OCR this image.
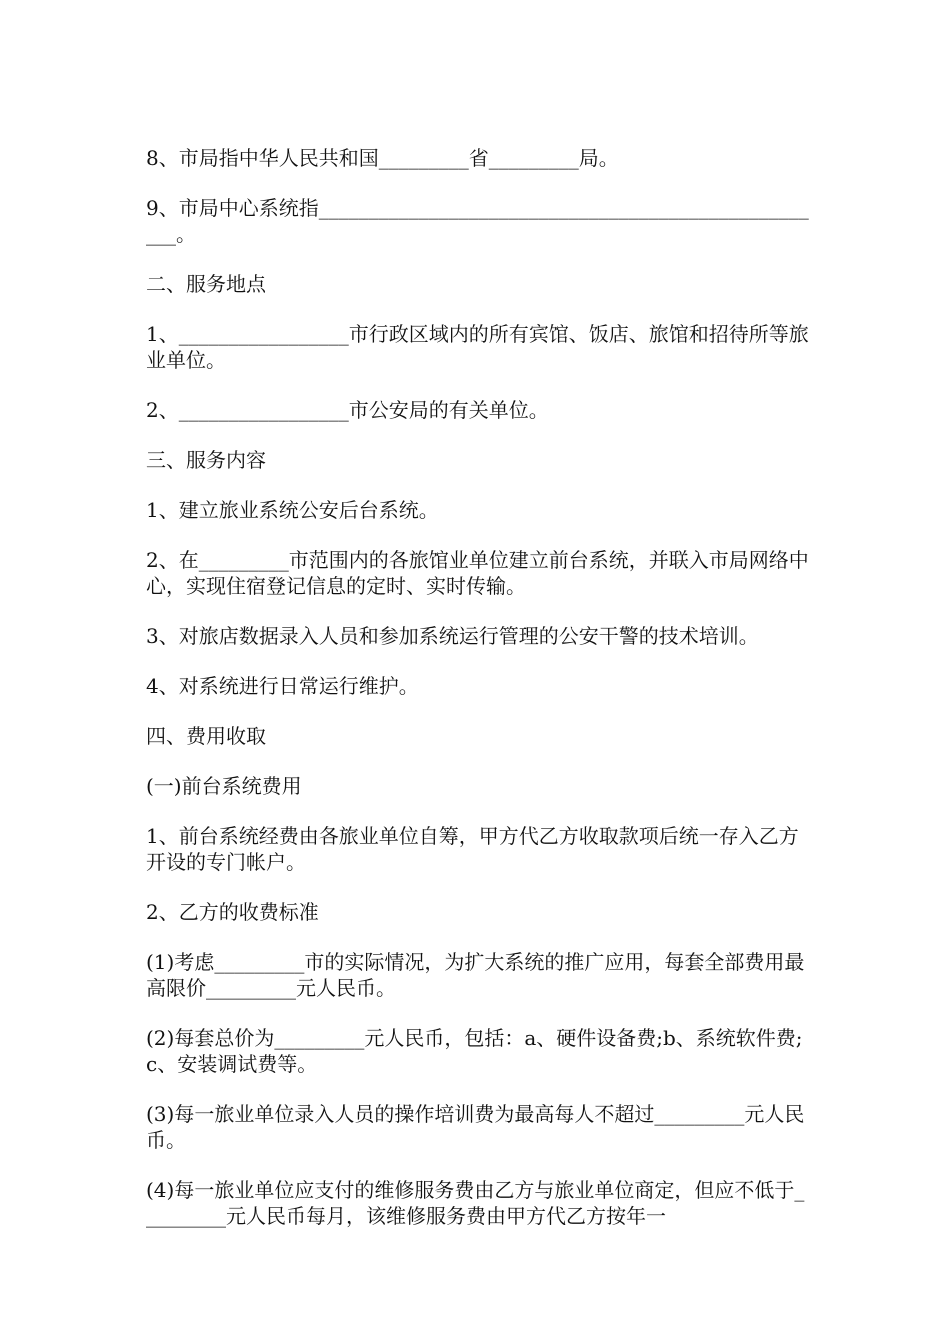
8、市局指中华人民共和国_________省_________局。

9、市局中心系统指____________________________________________________。

二、服务地点

1、_________________市行政区域内的所有宾馆、饭店、旅馆和招待所等旅业单位。

2、_________________市公安局的有关单位。

三、服务内容

1、建立旅业系统公安后台系统。

2、在_________市范围内的各旅馆业单位建立前台系统，并联入市局网络中心，实现住宿登记信息的定时、实时传输。

3、对旅店数据录入人员和参加系统运行管理的公安干警的技术培训。

4、对系统进行日常运行维护。

四、费用收取

(一)前台系统费用

1、前台系统经费由各旅业单位自筹，甲方代乙方收取款项后统一存入乙方开设的专门帐户。

2、乙方的收费标准

(1)考虑_________市的实际情况，为扩大系统的推广应用，每套全部费用最高限价_________元人民币。

(2)每套总价为_________元人民币，包括：a、硬件设备费;b、系统软件费;c、安装调试费等。

(3)每一旅业单位录入人员的操作培训费为最高每人不超过_________元人民币。

(4)每一旅业单位应支付的维修服务费由乙方与旅业单位商定，但应不低于_________元人民币每月，该维修服务费由甲方代乙方按年一
